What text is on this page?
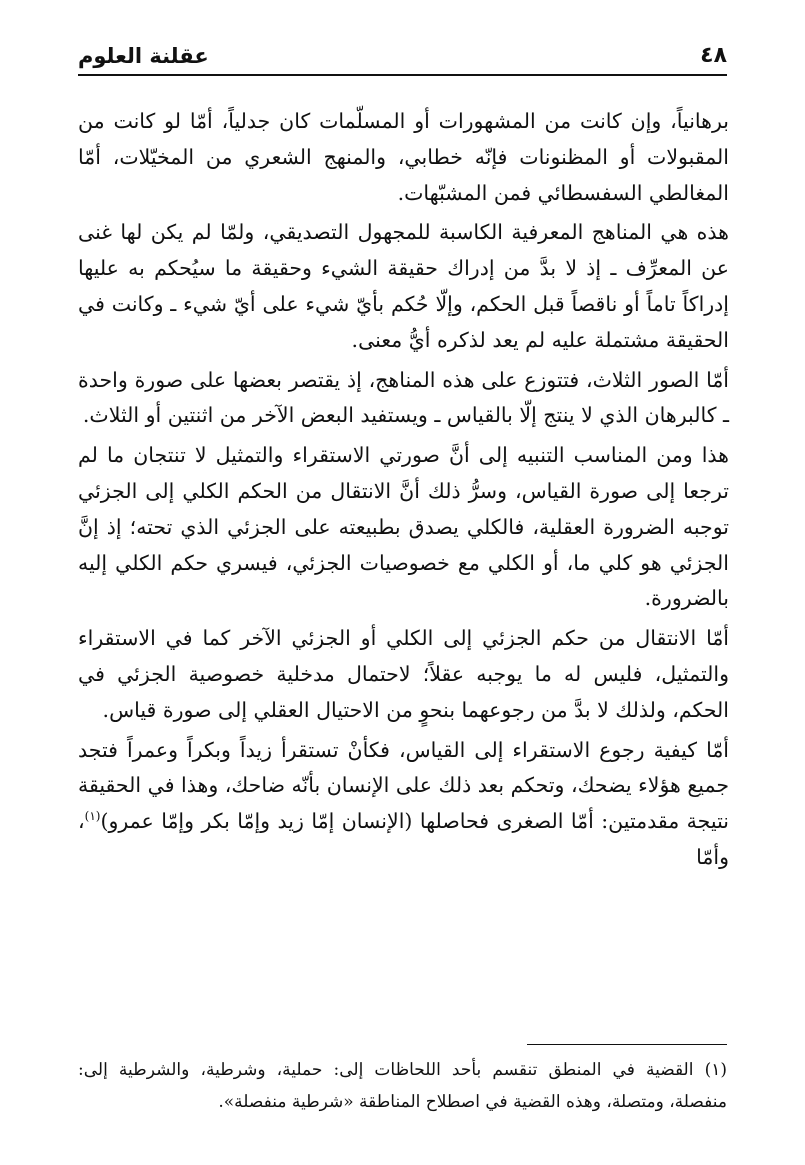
٤٨
عقلنة العلوم

برهانياً، وإن كانت من المشهورات أو المسلّمات كان جدلياً، أمّا لو كانت من المقبولات أو المظنونات فإنّه خطابي، والمنهج الشعري من المخيّلات، أمّا المغالطي السفسطائي فمن المشبّهات.

هذه هي المناهج المعرفية الكاسبة للمجهول التصديقي، ولمّا لم يكن لها غنى عن المعرِّف ـ إذ لا بدَّ من إدراك حقيقة الشيء وحقيقة ما سيُحكم به عليها إدراكاً تاماً أو ناقصاً قبل الحكم، وإلّا حُكم بأيّ شيء على أيّ شيء ـ وكانت في الحقيقة مشتملة عليه لم يعد لذكره أيُّ معنى.

أمّا الصور الثلاث، فتتوزع على هذه المناهج، إذ يقتصر بعضها على صورة واحدة ـ كالبرهان الذي لا ينتج إلّا بالقياس ـ ويستفيد البعض الآخر من اثنتين أو الثلاث.

هذا ومن المناسب التنبيه إلى أنَّ صورتي الاستقراء والتمثيل لا تنتجان ما لم ترجعا إلى صورة القياس، وسرُّ ذلك أنَّ الانتقال من الحكم الكلي إلى الجزئي توجبه الضرورة العقلية، فالكلي يصدق بطبيعته على الجزئي الذي تحته؛ إذ إنَّ الجزئي هو كلي ما، أو الكلي مع خصوصيات الجزئي، فيسري حكم الكلي إليه بالضرورة.

أمّا الانتقال من حكم الجزئي إلى الكلي أو الجزئي الآخر كما في الاستقراء والتمثيل، فليس له ما يوجبه عقلاً؛ لاحتمال مدخلية خصوصية الجزئي في الحكم، ولذلك لا بدَّ من رجوعهما بنحوٍ من الاحتيال العقلي إلى صورة قياس.

أمّا كيفية رجوع الاستقراء إلى القياس، فكأنْ تستقرأ زيداً وبكراً وعمراً فتجد جميع هؤلاء يضحك، وتحكم بعد ذلك على الإنسان بأنّه ضاحك، وهذا في الحقيقة نتيجة مقدمتين: أمّا الصغرى فحاصلها (الإنسان إمّا زيد وإمّا بكر وإمّا عمرو)$^{(١)}$، وأمّا

(١) القضية في المنطق تنقسم بأحد اللحاظات إلى: حملية، وشرطية، والشرطية إلى: منفصلة، ومتصلة، وهذه القضية في اصطلاح المناطقة «شرطية منفصلة».
